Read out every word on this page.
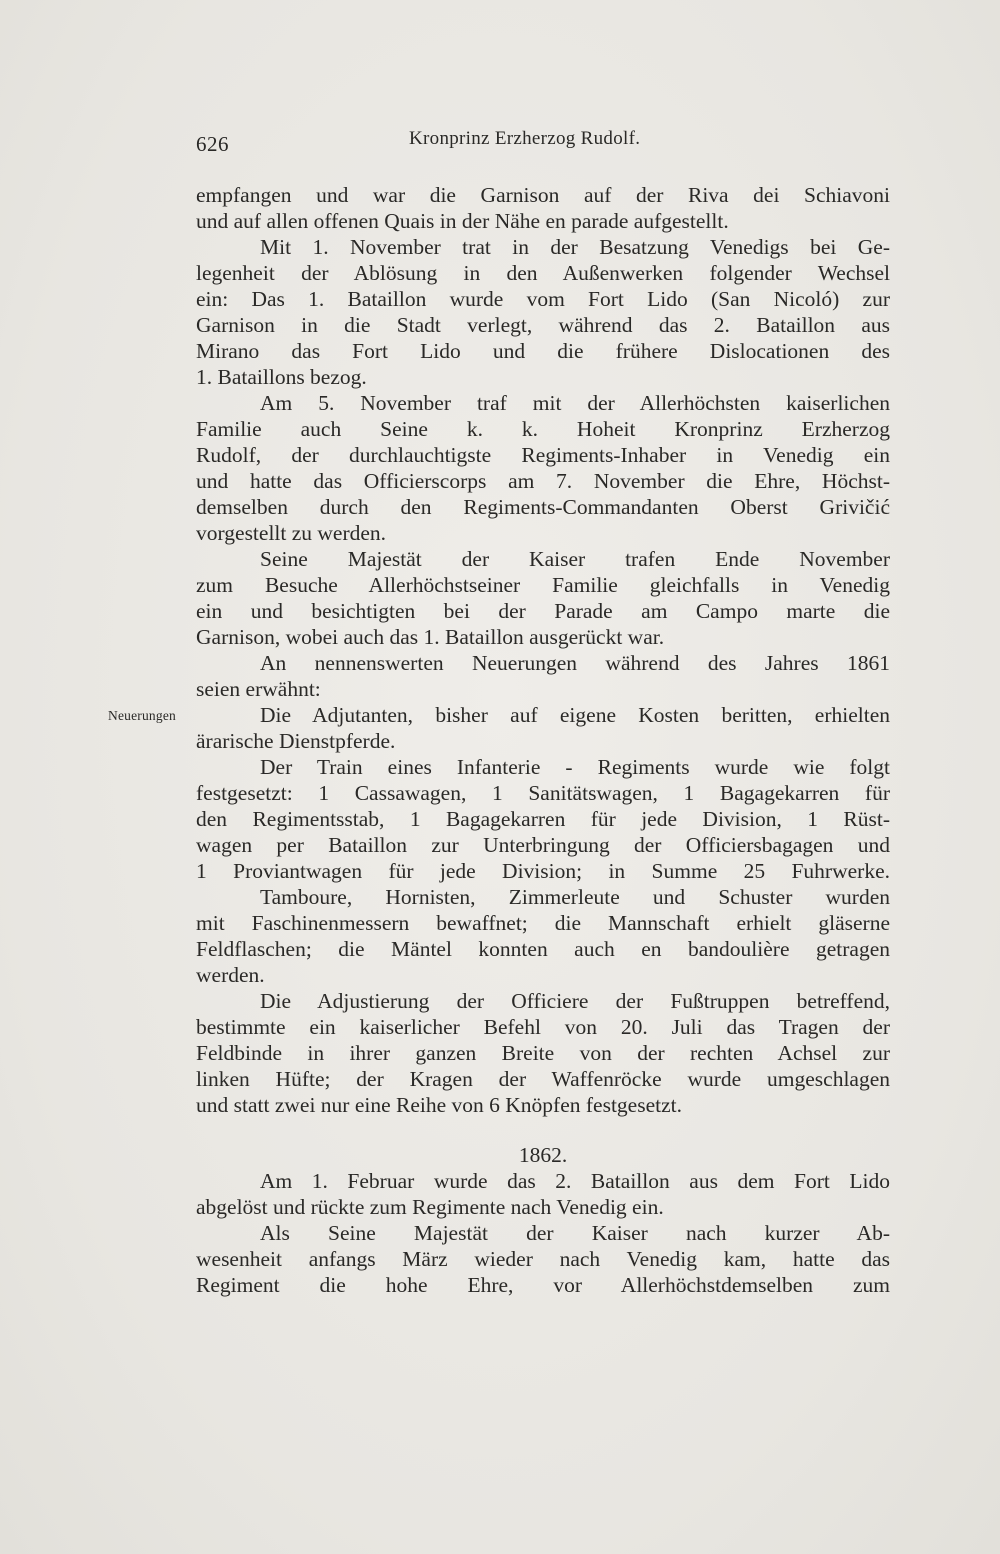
626	Kronprinz Erzherzog Rudolf.
Neuerungen
empfangen und war die Garnison auf der Riva dei Schiavoni
und auf allen offenen Quais in der Nähe en parade aufgestellt.
Mit 1. November trat in der Besatzung Venedigs bei Ge-
legenheit der Ablösung in den Außenwerken folgender Wechsel
ein: Das 1. Bataillon wurde vom Fort Lido (San Nicoló) zur
Garnison in die Stadt verlegt, während das 2. Bataillon aus
Mirano das Fort Lido und die frühere Dislocationen des
1. Bataillons bezog.
Am 5. November traf mit der Allerhöchsten kaiserlichen
Familie auch Seine k. k. Hoheit Kronprinz Erzherzog
Rudolf, der durchlauchtigste Regiments-Inhaber in Venedig ein
und hatte das Officierscorps am 7. November die Ehre, Höchst-
demselben durch den Regiments-Commandanten Oberst Grivičić
vorgestellt zu werden.
Seine Majestät der Kaiser trafen Ende November
zum Besuche Allerhöchstseiner Familie gleichfalls in Venedig
ein und besichtigten bei der Parade am Campo marte die
Garnison, wobei auch das 1. Bataillon ausgerückt war.
An nennenswerten Neuerungen während des Jahres 1861
seien erwähnt:
Die Adjutanten, bisher auf eigene Kosten beritten, erhielten
ärarische Dienstpferde.
Der Train eines Infanterie - Regiments wurde wie folgt
festgesetzt: 1 Cassawagen, 1 Sanitätswagen, 1 Bagagekarren für
den Regimentsstab, 1 Bagagekarren für jede Division, 1 Rüst-
wagen per Bataillon zur Unterbringung der Officiersbagagen und
1 Proviantwagen für jede Division; in Summe 25 Fuhrwerke.
Tamboure, Hornisten, Zimmerleute und Schuster wurden
mit Faschinenmessern bewaffnet; die Mannschaft erhielt gläserne
Feldflaschen; die Mäntel konnten auch en bandoulière getragen
werden.
Die Adjustierung der Officiere der Fußtruppen betreffend,
bestimmte ein kaiserlicher Befehl von 20. Juli das Tragen der
Feldbinde in ihrer ganzen Breite von der rechten Achsel zur
linken Hüfte; der Kragen der Waffenröcke wurde umgeschlagen
und statt zwei nur eine Reihe von 6 Knöpfen festgesetzt.
1862.
Am 1. Februar wurde das 2. Bataillon aus dem Fort Lido
abgelöst und rückte zum Regimente nach Venedig ein.
Als Seine Majestät der Kaiser nach kurzer Ab-
wesenheit anfangs März wieder nach Venedig kam, hatte das
Regiment die hohe Ehre, vor Allerhöchstdemselben zum
